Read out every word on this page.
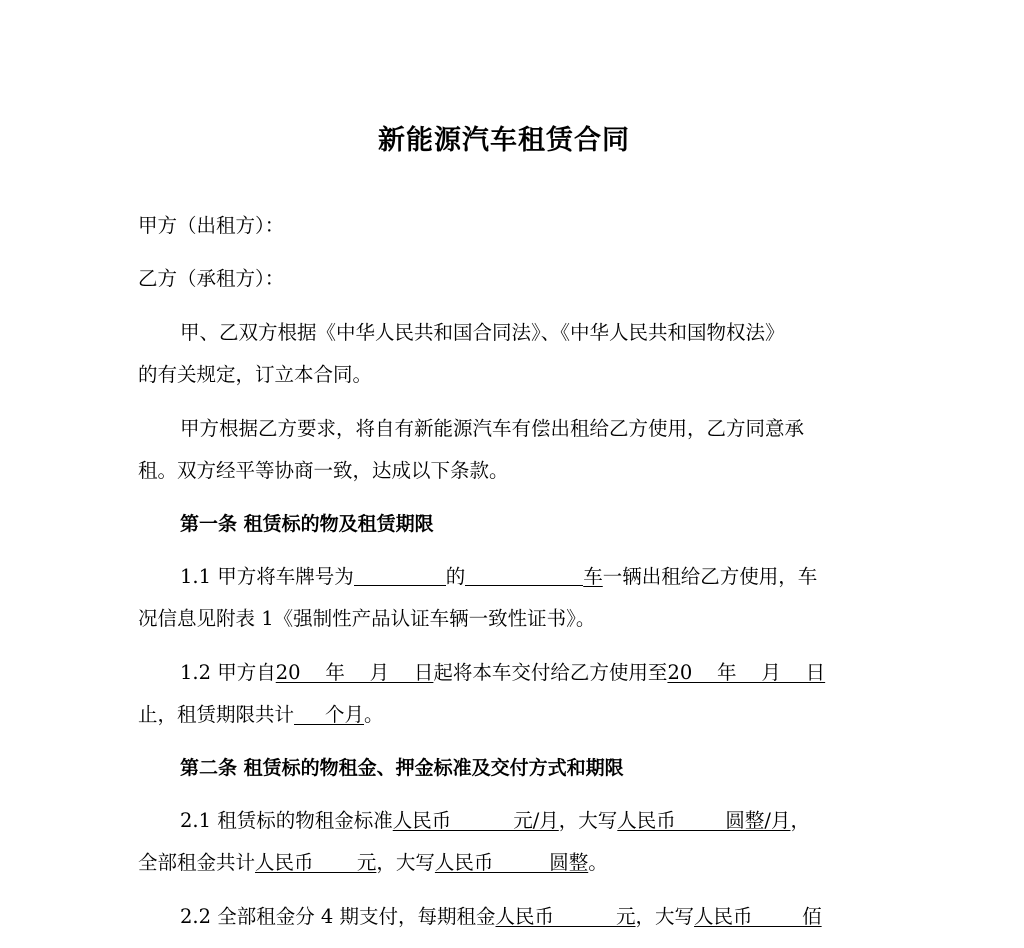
新能源汽车租赁合同
甲方（出租方）：
乙方（承租方）：
甲、乙双方根据《中华人民共和国合同法》、《中华人民共和国物权法》
的有关规定，订立本合同。
甲方根据乙方要求，将自有新能源汽车有偿出租给乙方使用，乙方同意承
租。双方经平等协商一致，达成以下条款。
第一条 租赁标的物及租赁期限
1.1 甲方将车牌号为	的	车一辆出租给乙方使用，车
况信息见附表 1《强制性产品认证车辆一致性证书》。
1.2 甲方自20    年    月    日起将本车交付给乙方使用至20    年    月    日
止，租赁期限共计     个月。
第二条 租赁标的物租金、押金标准及交付方式和期限
2.1 租赁标的物租金标准人民币          元/月，大写人民币        圆整/月，
全部租金共计人民币       元，大写人民币         圆整。
2.2 全部租金分 4 期支付，每期租金人民币          元，大写人民币        佰
